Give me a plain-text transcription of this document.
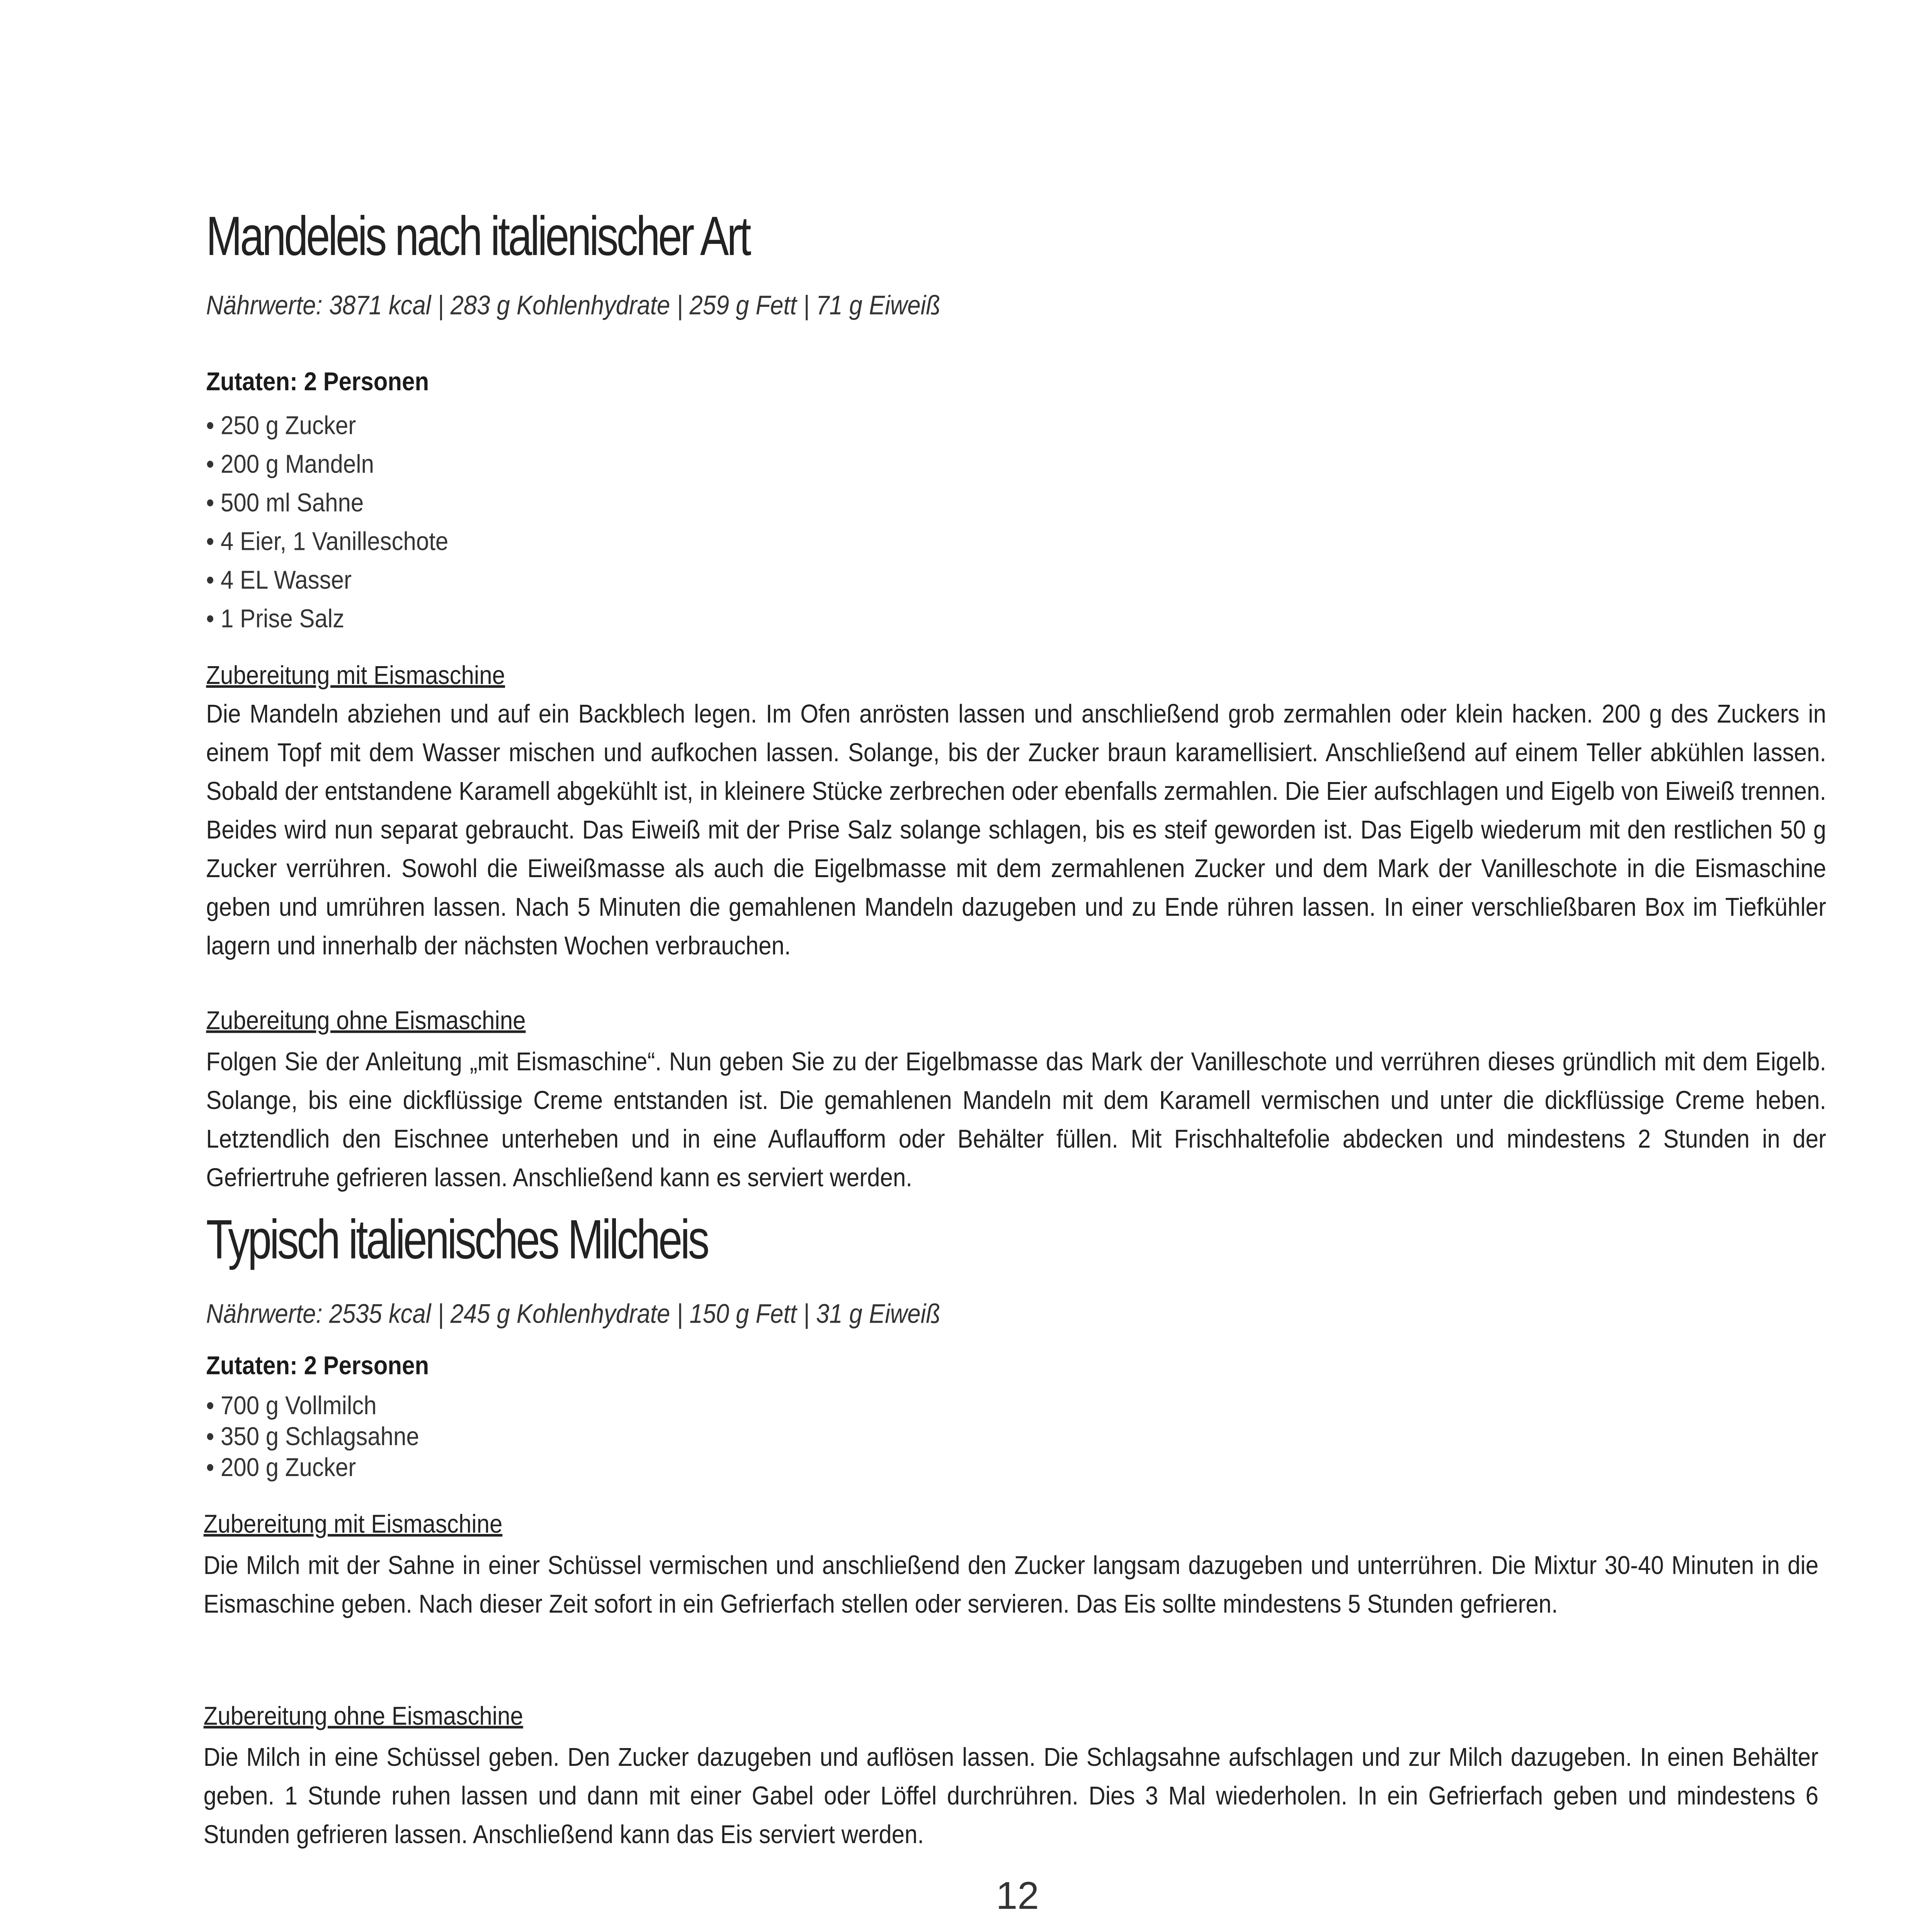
Mandeleis nach italienischer Art

Nährwerte: 3871 kcal | 283 g Kohlenhydrate | 259 g Fett | 71 g Eiweiß

Zutaten: 2 Personen

• 250 g Zucker
• 200 g Mandeln
• 500 ml Sahne
• 4 Eier, 1 Vanilleschote
• 4 EL Wasser
• 1 Prise Salz

Zubereitung mit Eismaschine

Die Mandeln abziehen und auf ein Backblech legen. Im Ofen anrösten lassen und anschließend grob zermahlen oder klein hacken. 200 g des Zuckers in einem Topf mit dem Wasser mischen und aufkochen lassen. Solange, bis der Zucker braun karamellisiert. Anschließend auf einem Teller abkühlen lassen. Sobald der entstandene Karamell abgekühlt ist, in kleinere Stücke zerbrechen oder ebenfalls zermahlen. Die Eier aufschlagen und Eigelb von Eiweiß trennen. Beides wird nun separat gebraucht. Das Eiweiß mit der Prise Salz solange schlagen, bis es steif geworden ist. Das Eigelb wiederum mit den restlichen 50 g Zucker verrühren. Sowohl die Eiweißmasse als auch die Eigelbmasse mit dem zermahlenen Zucker und dem Mark der Vanilleschote in die Eismaschine geben und umrühren lassen. Nach 5 Minuten die gemahlenen Mandeln dazugeben und zu Ende rühren lassen. In einer verschließbaren Box im Tiefkühler lagern und innerhalb der nächsten Wochen verbrauchen.

Zubereitung ohne Eismaschine

Folgen Sie der Anleitung „mit Eismaschine“. Nun geben Sie zu der Eigelbmasse das Mark der Vanilleschote und verrühren dieses gründlich mit dem Eigelb. Solange, bis eine dickflüssige Creme entstanden ist. Die gemahlenen Mandeln mit dem Karamell vermischen und unter die dickflüssige Creme heben. Letztendlich den Eischnee unterheben und in eine Auflaufform oder Behälter füllen. Mit Frischhaltefolie abdecken und mindestens 2 Stunden in der Gefriertruhe gefrieren lassen. Anschließend kann es serviert werden.

Typisch italienisches Milcheis

Nährwerte: 2535 kcal | 245 g Kohlenhydrate | 150 g Fett | 31 g Eiweiß

Zutaten: 2 Personen

• 700 g Vollmilch
• 350 g Schlagsahne
• 200 g Zucker

Zubereitung mit Eismaschine

Die Milch mit der Sahne in einer Schüssel vermischen und anschließend den Zucker langsam dazugeben und unterrühren. Die Mixtur 30-40 Minuten in die Eismaschine geben. Nach dieser Zeit sofort in ein Gefrierfach stellen oder servieren. Das Eis sollte mindestens 5 Stunden gefrieren.

Zubereitung ohne Eismaschine

Die Milch in eine Schüssel geben. Den Zucker dazugeben und auflösen lassen. Die Schlagsahne aufschlagen und zur Milch dazugeben. In einen Behälter geben. 1 Stunde ruhen lassen und dann mit einer Gabel oder Löffel durchrühren. Dies 3 Mal wiederholen. In ein Gefrierfach geben und mindestens 6 Stunden gefrieren lassen. Anschließend kann das Eis serviert werden.

12
